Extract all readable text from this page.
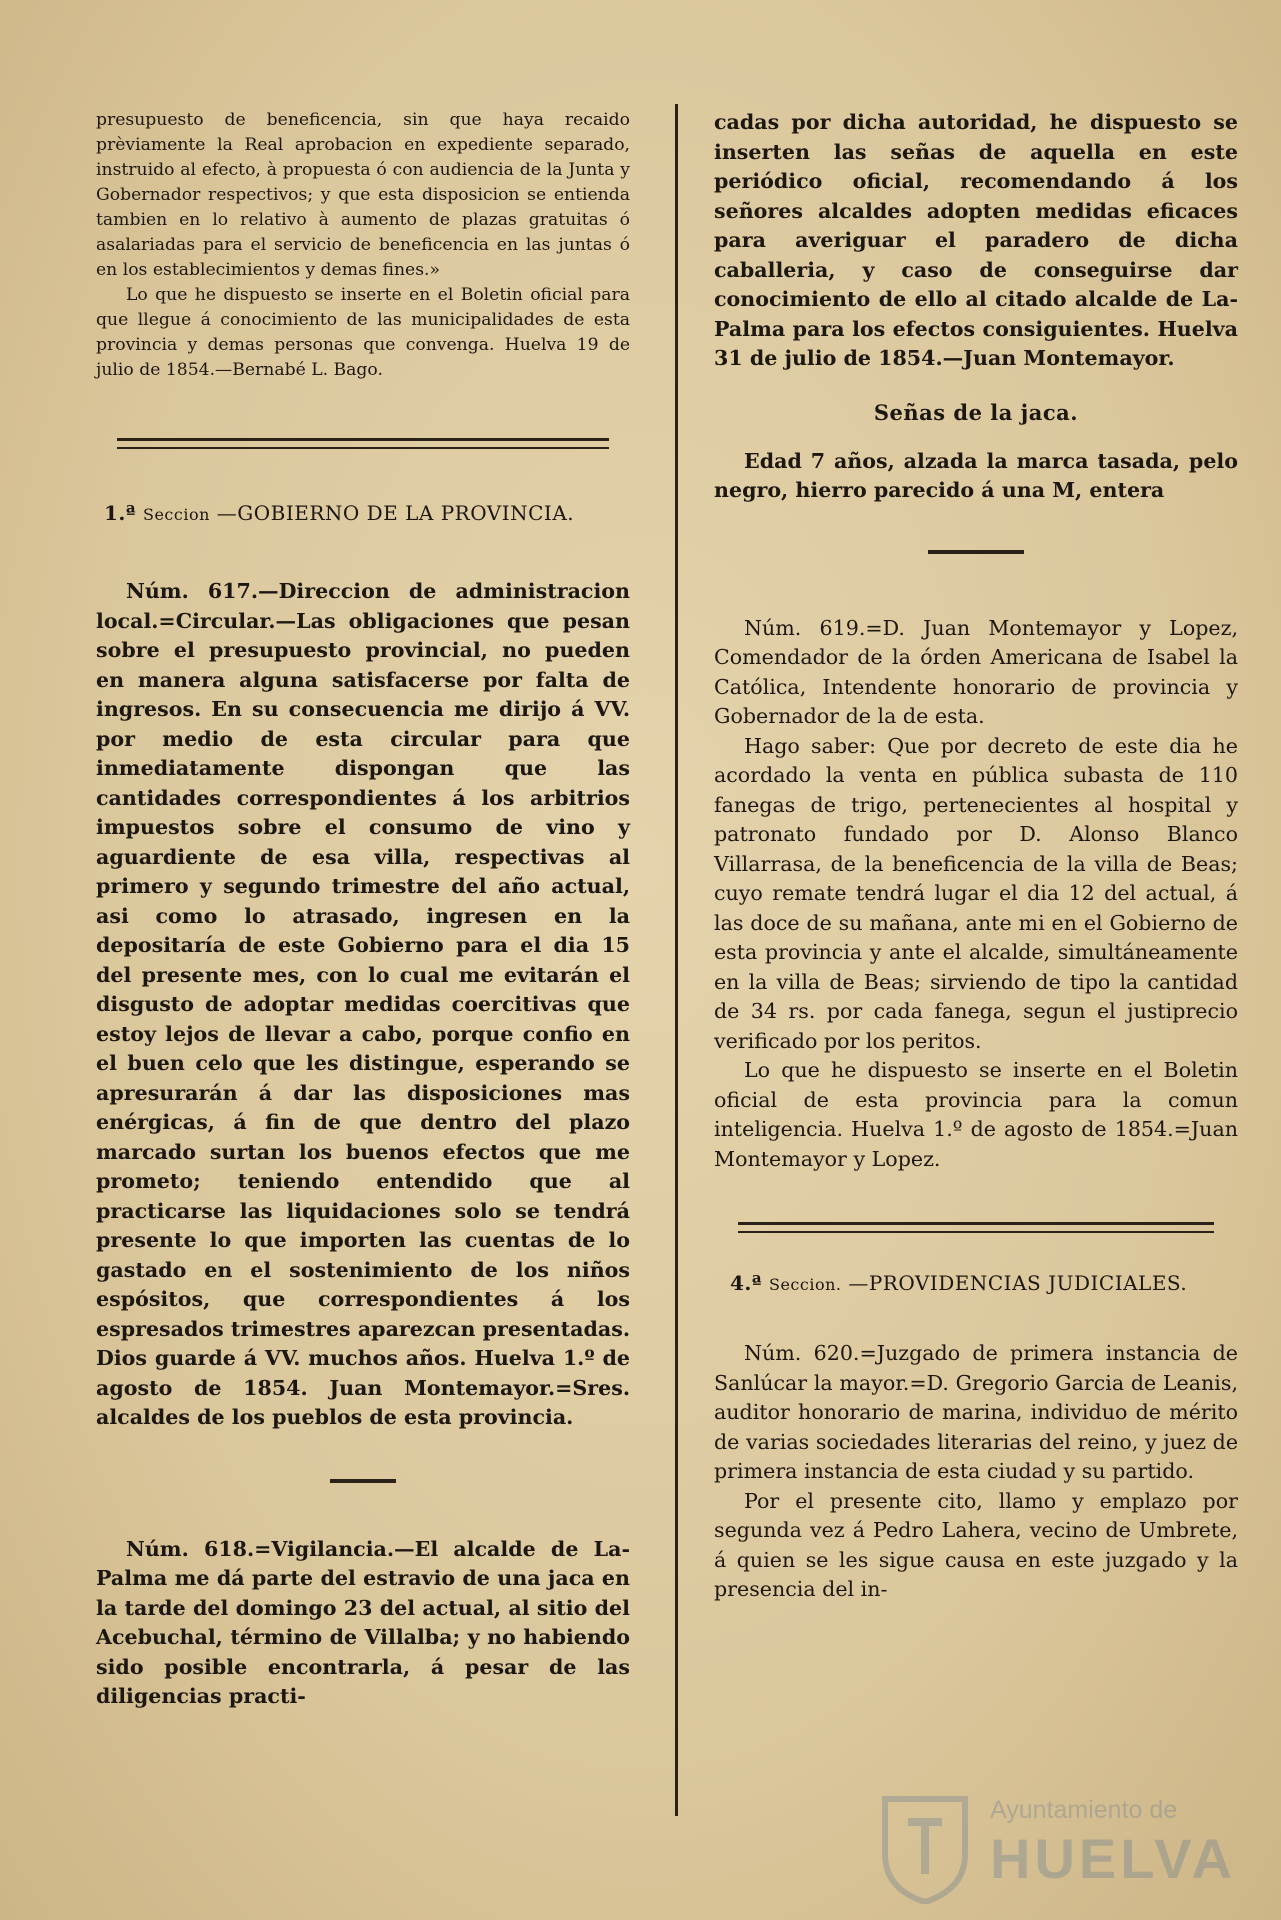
presupuesto de beneficencia, sin que haya recaido prèviamente la Real aprobacion en expediente separado, instruido al efecto, à propuesta ó con audiencia de la Junta y Gobernador respectivos; y que esta disposicion se entienda tambien en lo relativo à aumento de plazas gratuitas ó asalariadas para el servicio de beneficencia en las juntas ó en los establecimientos y demas fines.»

Lo que he dispuesto se inserte en el Boletin oficial para que llegue á conocimiento de las municipalidades de esta provincia y demas personas que convenga. Huelva 19 de julio de 1854.—Bernabé L. Bago.

1.ª Seccion —GOBIERNO DE LA PROVINCIA.

Núm. 617.—Direccion de administracion local.=Circular.—Las obligaciones que pesan sobre el presupuesto provincial, no pueden en manera alguna satisfacerse por falta de ingresos. En su consecuencia me dirijo á VV. por medio de esta circular para que inmediatamente dispongan que las cantidades correspondientes á los arbitrios impuestos sobre el consumo de vino y aguardiente de esa villa, respectivas al primero y segundo trimestre del año actual, asi como lo atrasado, ingresen en la depositaría de este Gobierno para el dia 15 del presente mes, con lo cual me evitarán el disgusto de adoptar medidas coercitivas que estoy lejos de llevar a cabo, porque confio en el buen celo que les distingue, esperando se apresurarán á dar las disposiciones mas enérgicas, á fin de que dentro del plazo marcado surtan los buenos efectos que me prometo; teniendo entendido que al practicarse las liquidaciones solo se tendrá presente lo que importen las cuentas de lo gastado en el sostenimiento de los niños espósitos, que correspondientes á los espresados trimestres aparezcan presentadas. Dios guarde á VV. muchos años. Huelva 1.º de agosto de 1854. Juan Montemayor.=Sres. alcaldes de los pueblos de esta provincia.

Núm. 618.=Vigilancia.—El alcalde de La-Palma me dá parte del estravio de una jaca en la tarde del domingo 23 del actual, al sitio del Acebuchal, término de Villalba; y no habiendo sido posible encontrarla, á pesar de las diligencias practi-

cadas por dicha autoridad, he dispuesto se inserten las señas de aquella en este periódico oficial, recomendando á los señores alcaldes adopten medidas eficaces para averiguar el paradero de dicha caballeria, y caso de conseguirse dar conocimiento de ello al citado alcalde de La-Palma para los efectos consiguientes. Huelva 31 de julio de 1854.—Juan Montemayor.

Señas de la jaca.

Edad 7 años, alzada la marca tasada, pelo negro, hierro parecido á una M, entera

Núm. 619.=D. Juan Montemayor y Lopez, Comendador de la órden Americana de Isabel la Católica, Intendente honorario de provincia y Gobernador de la de esta.

Hago saber: Que por decreto de este dia he acordado la venta en pública subasta de 110 fanegas de trigo, pertenecientes al hospital y patronato fundado por D. Alonso Blanco Villarrasa, de la beneficencia de la villa de Beas; cuyo remate tendrá lugar el dia 12 del actual, á las doce de su mañana, ante mi en el Gobierno de esta provincia y ante el alcalde, simultáneamente en la villa de Beas; sirviendo de tipo la cantidad de 34 rs. por cada fanega, segun el justiprecio verificado por los peritos.

Lo que he dispuesto se inserte en el Boletin oficial de esta provincia para la comun inteligencia. Huelva 1.º de agosto de 1854.=Juan Montemayor y Lopez.

4.ª Seccion. —PROVIDENCIAS JUDICIALES.

Núm. 620.=Juzgado de primera instancia de Sanlúcar la mayor.=D. Gregorio Garcia de Leanis, auditor honorario de marina, individuo de mérito de varias sociedades literarias del reino, y juez de primera instancia de esta ciudad y su partido.

Por el presente cito, llamo y emplazo por segunda vez á Pedro Lahera, vecino de Umbrete, á quien se les sigue causa en este juzgado y la presencia del in-

Ayuntamiento de
HUELVA
